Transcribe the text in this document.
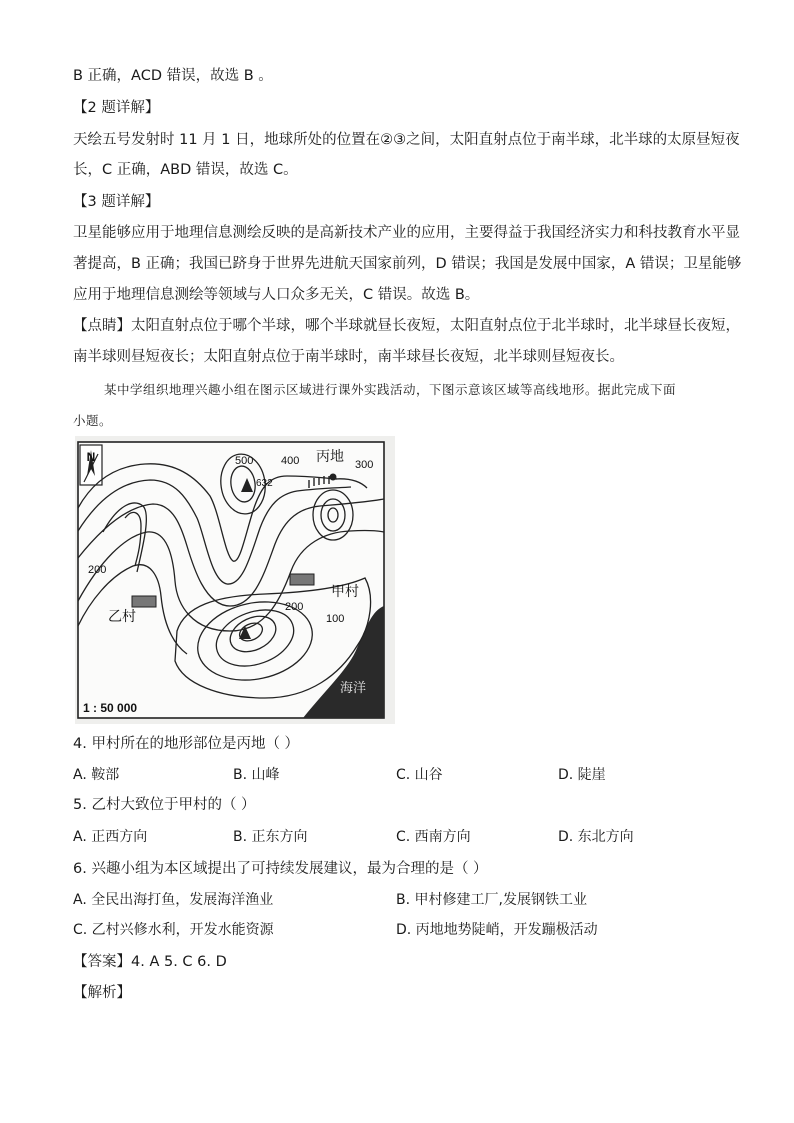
B 正确，ACD 错误，故选 B 。
【2 题详解】
天绘五号发射时 11 月 1 日，地球所处的位置在②③之间，太阳直射点位于南半球，北半球的太原昼短夜
长，C 正确，ABD 错误，故选 C。
【3 题详解】
卫星能够应用于地理信息测绘反映的是高新技术产业的应用，主要得益于我国经济实力和科技教育水平显
著提高，B 正确；我国已跻身于世界先进航天国家前列，D 错误；我国是发展中国家，A 错误；卫星能够
应用于地理信息测绘等领域与人口众多无关，C 错误。故选 B。
【点睛】太阳直射点位于哪个半球，哪个半球就昼长夜短，太阳直射点位于北半球时，北半球昼长夜短，
南半球则昼短夜长；太阳直射点位于南半球时，南半球昼长夜短，北半球则昼短夜长。
某中学组织地理兴趣小组在图示区域进行课外实践活动，下图示意该区域等高线地形。据此完成下面
小题。
N	500	400
632
丙地
300
200
甲村
乙村
200
100
海洋
1 : 50 000
4. 甲村所在的地形部位是丙地（ ）
A. 鞍部	B. 山峰	C. 山谷	D. 陡崖
5. 乙村大致位于甲村的（ ）
A. 正西方向	B. 正东方向	C. 西南方向	D. 东北方向
6. 兴趣小组为本区域提出了可持续发展建议，最为合理的是（ ）
A. 全民出海打鱼，发展海洋渔业	B. 甲村修建工厂,发展钢铁工业
C. 乙村兴修水利，开发水能资源	D. 丙地地势陡峭，开发蹦极活动
【答案】4. A 5. C 6. D
【解析】
